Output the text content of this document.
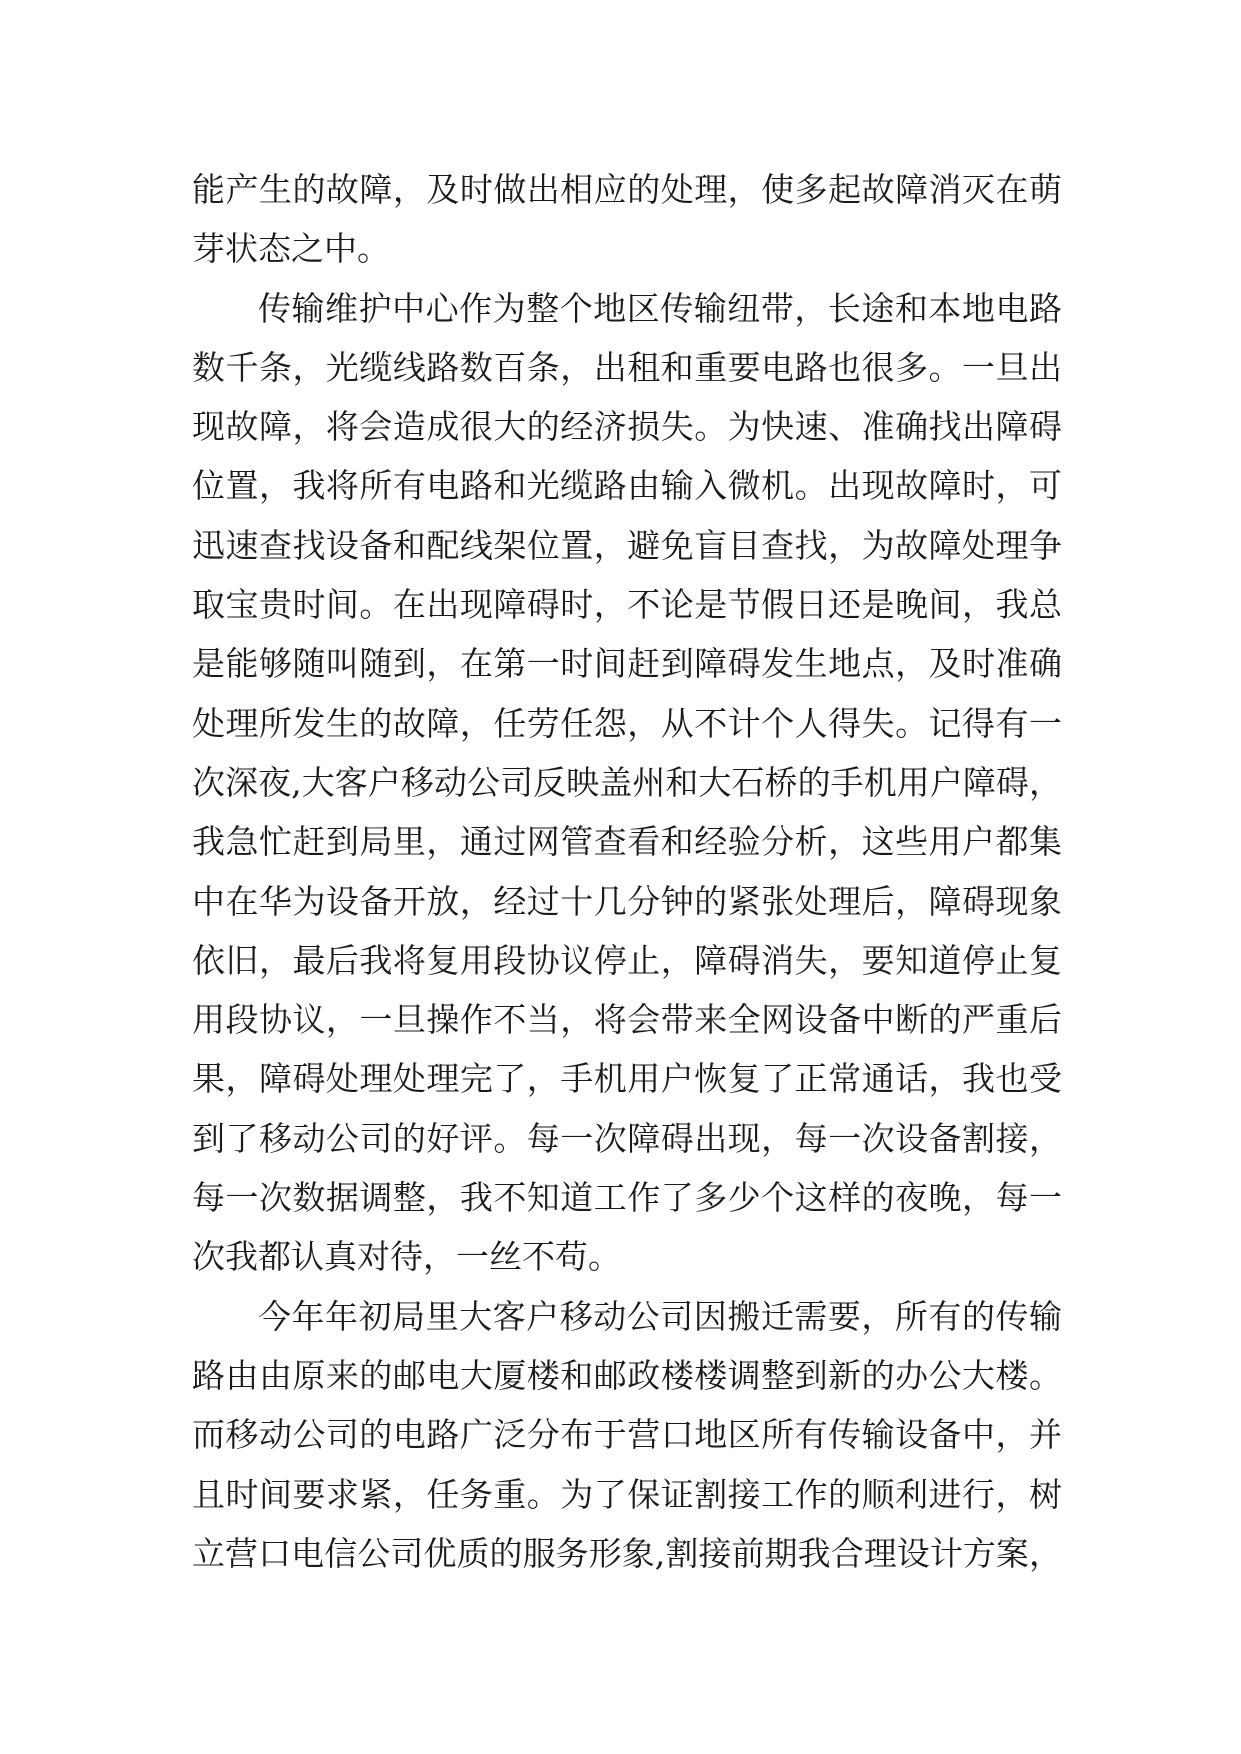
能产生的故障，及时做出相应的处理，使多起故障消灭在萌
芽状态之中。
传输维护中心作为整个地区传输纽带，长途和本地电路
数千条，光缆线路数百条，出租和重要电路也很多。一旦出
现故障，将会造成很大的经济损失。为快速、准确找出障碍
位置，我将所有电路和光缆路由输入微机。出现故障时，可
迅速查找设备和配线架位置，避免盲目查找，为故障处理争
取宝贵时间。在出现障碍时，不论是节假日还是晚间，我总
是能够随叫随到，在第一时间赶到障碍发生地点，及时准确
处理所发生的故障，任劳任怨，从不计个人得失。记得有一
次深夜,大客户移动公司反映盖州和大石桥的手机用户障碍，
我急忙赶到局里，通过网管查看和经验分析，这些用户都集
中在华为设备开放，经过十几分钟的紧张处理后，障碍现象
依旧，最后我将复用段协议停止，障碍消失，要知道停止复
用段协议，一旦操作不当，将会带来全网设备中断的严重后
果，障碍处理处理完了，手机用户恢复了正常通话，我也受
到了移动公司的好评。每一次障碍出现，每一次设备割接，
每一次数据调整，我不知道工作了多少个这样的夜晚，每一
次我都认真对待，一丝不苟。
今年年初局里大客户移动公司因搬迁需要，所有的传输
路由由原来的邮电大厦楼和邮政楼楼调整到新的办公大楼。
而移动公司的电路广泛分布于营口地区所有传输设备中，并
且时间要求紧，任务重。为了保证割接工作的顺利进行，树
立营口电信公司优质的服务形象,割接前期我合理设计方案，
